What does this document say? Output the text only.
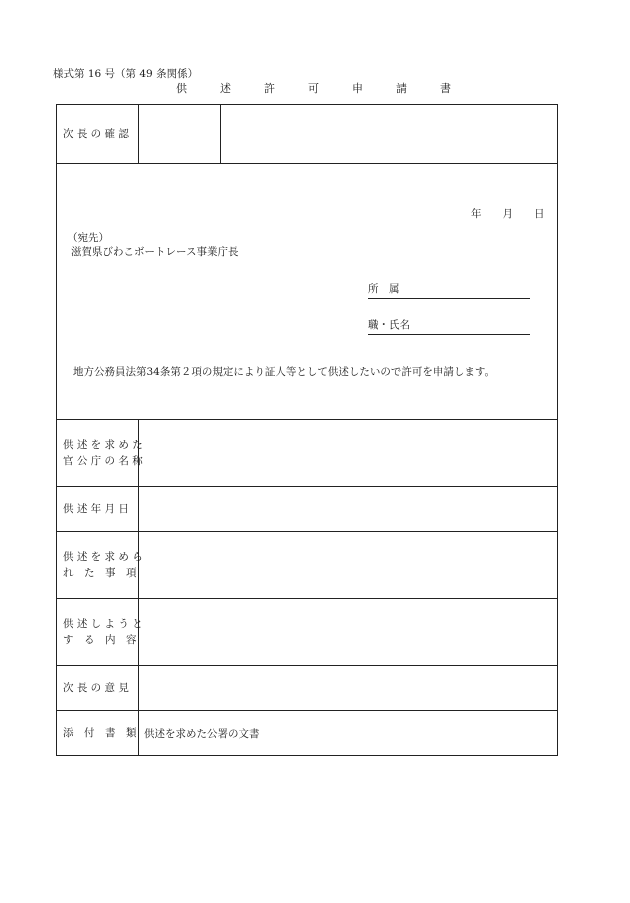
様式第 16 号（第 49 条関係）
供　述　許　可　申　請　書
次 長 の 確 認
年　　月　　日
（宛先）
滋賀県びわこボートレース事業庁長
所　属
職・氏名
地方公務員法第34条第２項の規定により証人等として供述したいので許可を申請します。
供 述 を 求 め た
官 公 庁 の 名 称
供 述 年 月 日
供 述 を 求 め ら
れ　た　事　項
供 述 し よ う と
す　る　内　容
次 長 の 意 見
添　付　書　類 供述を求めた公署の文書
